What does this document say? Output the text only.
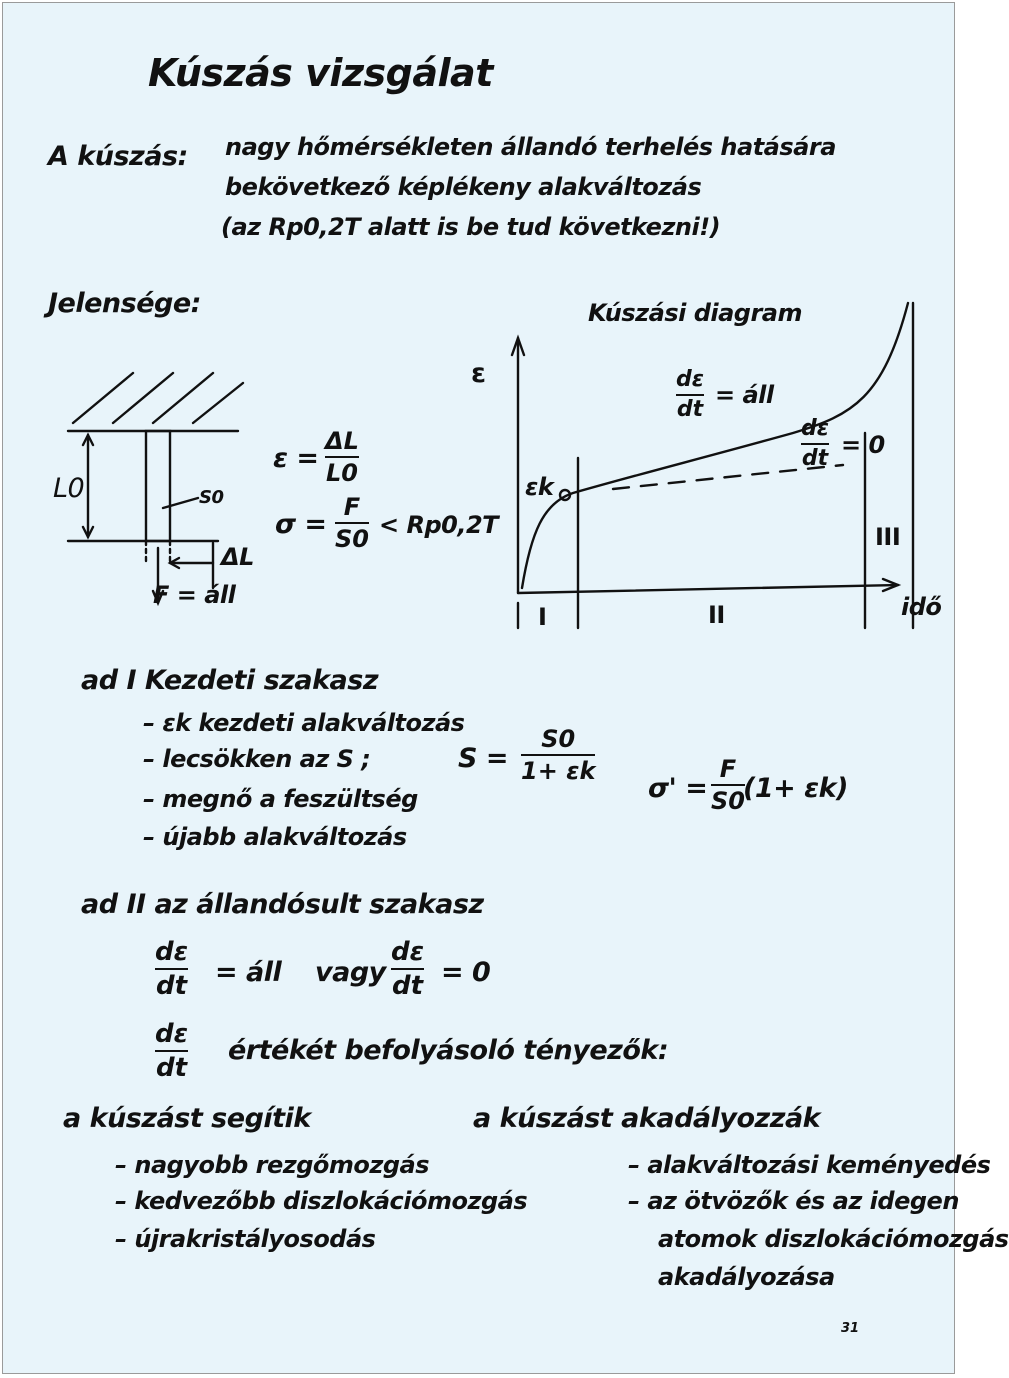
Kúszás vizsgálat
A kúszás: nagy hőmérsékleten állandó terhelés hatására
bekövetkező képlékeny alakváltozás
(az Rp0,2T alatt is be tud következni!)
Jelensége:
L0	S0
ΔL
F = áll
ε =
ΔL
L0
σ =
F
S0 < Rp0,2T
Kúszási diagram
ε
idő
εk
dε
dt
= áll
dε
dt = 0
I	II
III
ad I Kezdeti szakasz
– εk kezdeti alakváltozás
– lecsökken az S ;
– megnő a feszültség
– újabb alakváltozás
S =
S0
1+ εk
σ' =
F
S0
(1+ εk)
ad II az állandósult szakasz
dε
dt = áll vagy
dε
dt = 0
dε
dt
értékét befolyásoló tényezők:
a kúszást segítik
– nagyobb rezgőmozgás
– kedvezőbb diszlokációmozgás
– újrakristályosodás
a kúszást akadályozzák
– alakváltozási keményedés
– az ötvözők és az idegen
atomok diszlokációmozgás
akadályozása
31
